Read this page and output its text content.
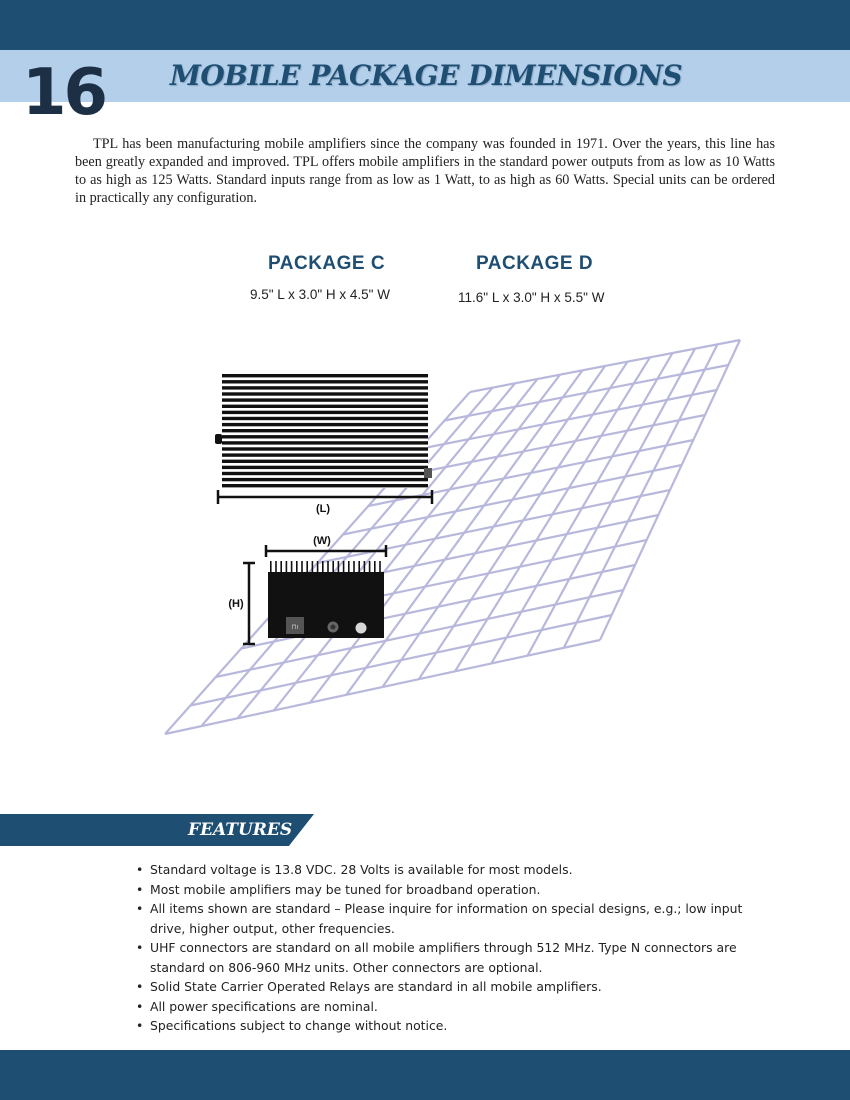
16	MOBILE PACKAGE DIMENSIONS

TPL has been manufacturing mobile amplifiers since the company was founded in 1971. Over the years, this line has been greatly expanded and improved. TPL offers mobile amplifiers in the standard power outputs from as low as 10 Watts to as high as 125 Watts. Standard inputs range from as low as 1 Watt, to as high as 60 Watts. Special units can be ordered in practically any configuration.

PACKAGE C
9.5" L x 3.0" H x 4.5" W
PACKAGE D
11.6" L x 3.0" H x 5.5" W
(L)
(W)
⊓ı
(H)
FEATURES
• Standard voltage is 13.8 VDC. 28 Volts is available for most models.
• Most mobile amplifiers may be tuned for broadband operation.
• All items shown are standard – Please inquire for information on special designs, e.g.; low input drive, higher output, other frequencies.
• UHF connectors are standard on all mobile amplifiers through 512 MHz. Type N connectors are standard on 806-960 MHz units. Other connectors are optional.
• Solid State Carrier Operated Relays are standard in all mobile amplifiers.
• All power specifications are nominal.
• Specifications subject to change without notice.
